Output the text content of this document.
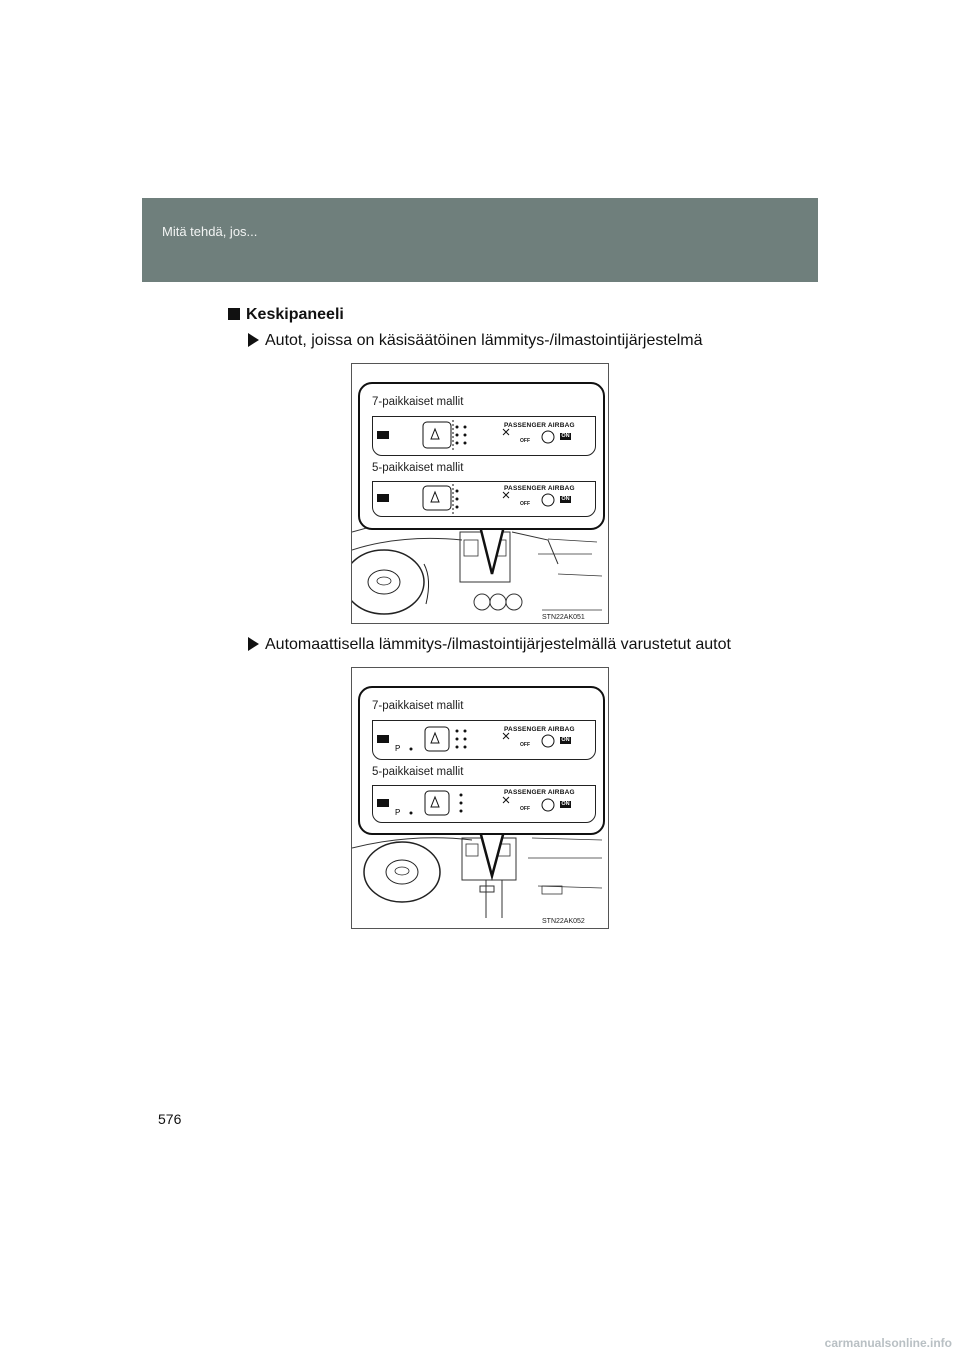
Mitä tehdä, jos...
Keskipaneeli
Autot, joissa on käsisäätöinen lämmitys-/ilmastointijärjestelmä
7-paikkaiset mallit
PASSENGER AIRBAG
OFF
ON
5-paikkaiset mallit
PASSENGER AIRBAG
OFF
ON
STN22AK051
Automaattisella lämmitys-/ilmastointijärjestelmällä varustetut autot
7-paikkaiset mallit
P
PASSENGER AIRBAG
OFF
ON
5-paikkaiset mallit
P
PASSENGER AIRBAG
OFF
ON
STN22AK052
576
carmanualsonline.info
